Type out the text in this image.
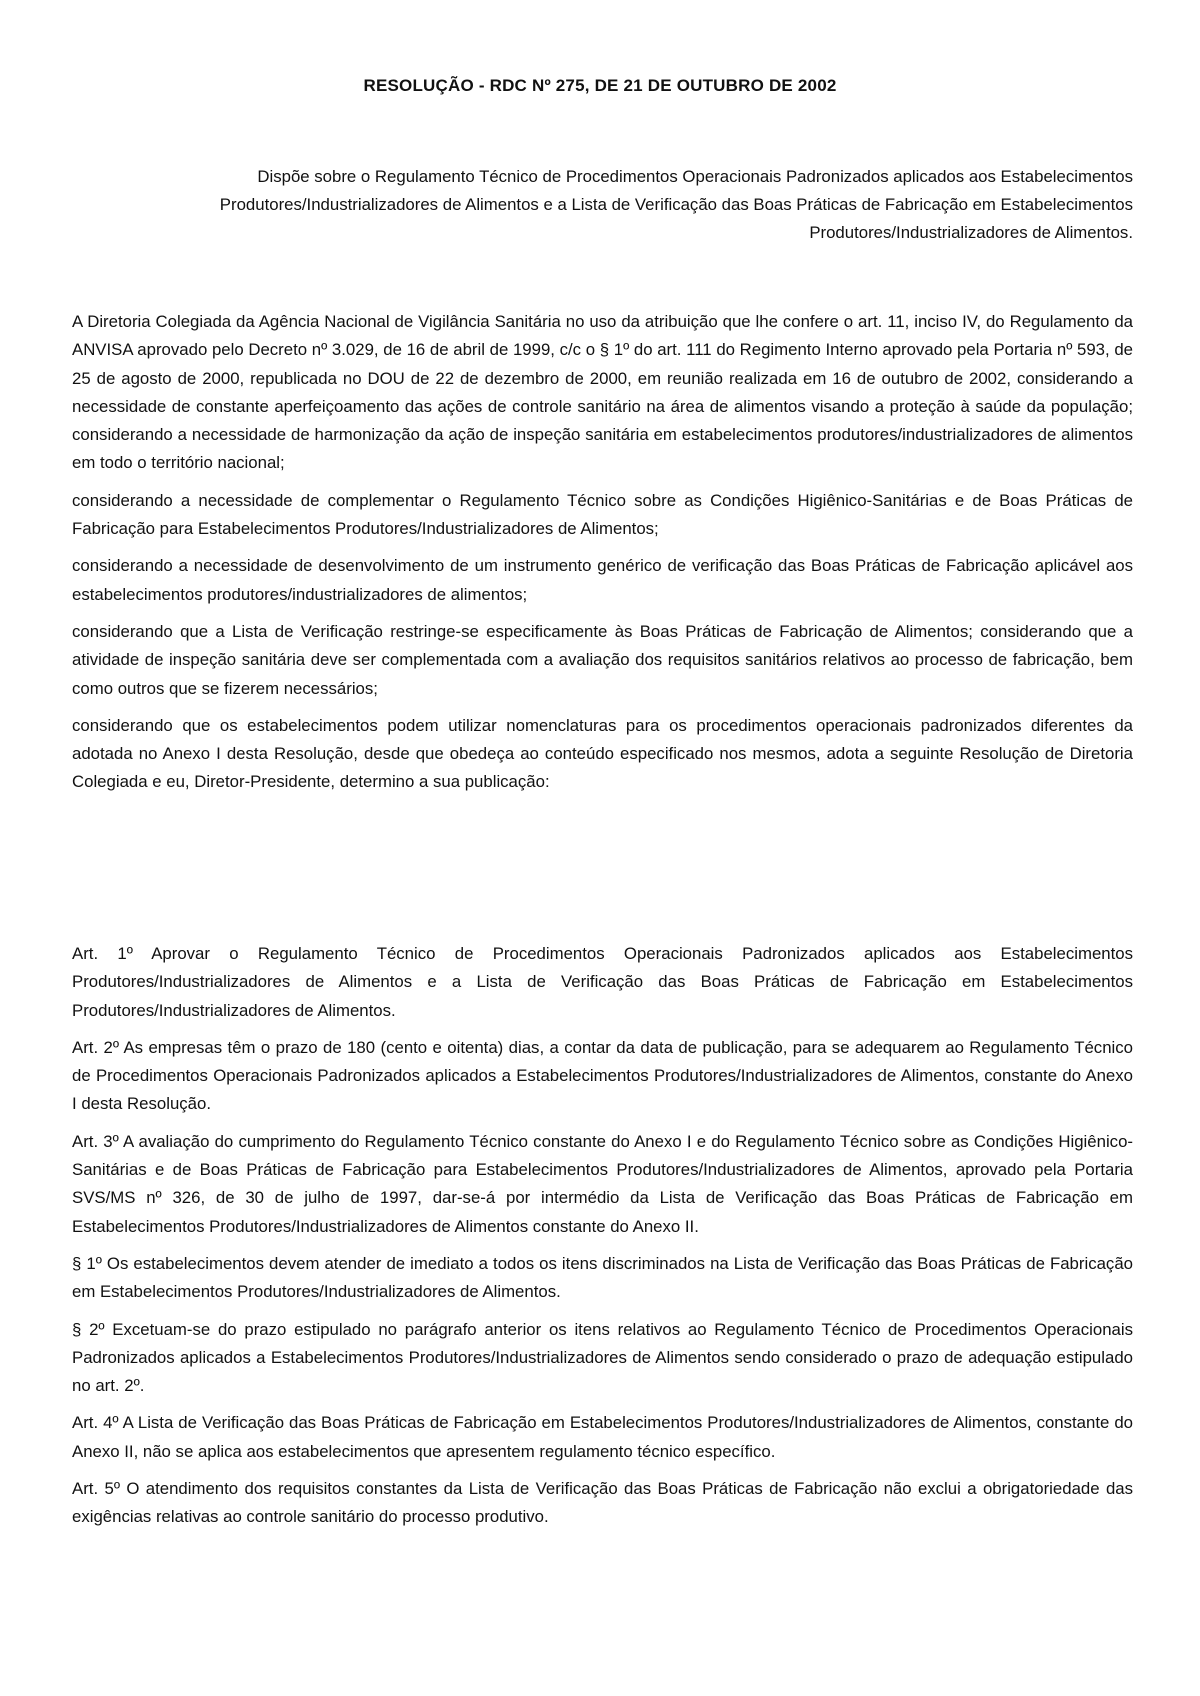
RESOLUÇÃO - RDC Nº 275, DE 21 DE OUTUBRO DE 2002
Dispõe sobre o Regulamento Técnico de Procedimentos Operacionais Padronizados aplicados aos Estabelecimentos Produtores/Industrializadores de Alimentos e a Lista de Verificação das Boas Práticas de Fabricação em Estabelecimentos Produtores/Industrializadores de Alimentos.

A Diretoria Colegiada da Agência Nacional de Vigilância Sanitária no uso da atribuição que lhe confere o art. 11, inciso IV, do Regulamento da ANVISA aprovado pelo Decreto nº 3.029, de 16 de abril de 1999, c/c o § 1º do art. 111 do Regimento Interno aprovado pela Portaria nº 593, de 25 de agosto de 2000, republicada no DOU de 22 de dezembro de 2000, em reunião realizada em 16 de outubro de 2002, considerando a necessidade de constante aperfeiçoamento das ações de controle sanitário na área de alimentos visando a proteção à saúde da população; considerando a necessidade de harmonização da ação de inspeção sanitária em estabelecimentos produtores/industrializadores de alimentos em todo o território nacional;

considerando a necessidade de complementar o Regulamento Técnico sobre as Condições Higiênico-Sanitárias e de Boas Práticas de Fabricação para Estabelecimentos Produtores/Industrializadores de Alimentos;

considerando a necessidade de desenvolvimento de um instrumento genérico de verificação das Boas Práticas de Fabricação aplicável aos estabelecimentos produtores/industrializadores de alimentos;

considerando que a Lista de Verificação restringe-se especificamente às Boas Práticas de Fabricação de Alimentos; considerando que a atividade de inspeção sanitária deve ser complementada com a avaliação dos requisitos sanitários relativos ao processo de fabricação, bem como outros que se fizerem necessários;

considerando que os estabelecimentos podem utilizar nomenclaturas para os procedimentos operacionais padronizados diferentes da adotada no Anexo I desta Resolução, desde que obedeça ao conteúdo especificado nos mesmos, adota a seguinte Resolução de Diretoria Colegiada e eu, Diretor-Presidente, determino a sua publicação:

Art. 1º Aprovar o Regulamento Técnico de Procedimentos Operacionais Padronizados aplicados aos Estabelecimentos Produtores/Industrializadores de Alimentos e a Lista de Verificação das Boas Práticas de Fabricação em Estabelecimentos Produtores/Industrializadores de Alimentos.

Art. 2º As empresas têm o prazo de 180 (cento e oitenta) dias, a contar da data de publicação, para se adequarem ao Regulamento Técnico de Procedimentos Operacionais Padronizados aplicados a Estabelecimentos Produtores/Industrializadores de Alimentos, constante do Anexo I desta Resolução.

Art. 3º A avaliação do cumprimento do Regulamento Técnico constante do Anexo I e do Regulamento Técnico sobre as Condições Higiênico-Sanitárias e de Boas Práticas de Fabricação para Estabelecimentos Produtores/Industrializadores de Alimentos, aprovado pela Portaria SVS/MS nº 326, de 30 de julho de 1997, dar-se-á por intermédio da Lista de Verificação das Boas Práticas de Fabricação em Estabelecimentos Produtores/Industrializadores de Alimentos constante do Anexo II.

§ 1º Os estabelecimentos devem atender de imediato a todos os itens discriminados na Lista de Verificação das Boas Práticas de Fabricação em Estabelecimentos Produtores/Industrializadores de Alimentos.

§ 2º Excetuam-se do prazo estipulado no parágrafo anterior os itens relativos ao Regulamento Técnico de Procedimentos Operacionais Padronizados aplicados a Estabelecimentos Produtores/Industrializadores de Alimentos sendo considerado o prazo de adequação estipulado no art. 2º.

Art. 4º A Lista de Verificação das Boas Práticas de Fabricação em Estabelecimentos Produtores/Industrializadores de Alimentos, constante do Anexo II, não se aplica aos estabelecimentos que apresentem regulamento técnico específico.

Art. 5º O atendimento dos requisitos constantes da Lista de Verificação das Boas Práticas de Fabricação não exclui a obrigatoriedade das exigências relativas ao controle sanitário do processo produtivo.
